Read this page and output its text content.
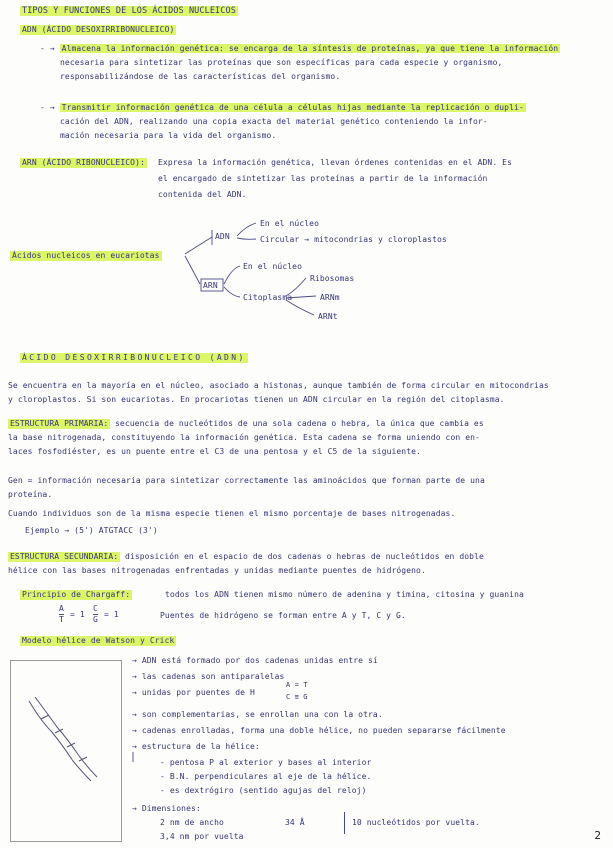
TIPOS Y FUNCIONES DE LOS ÁCIDOS NUCLEICOS
ADN (ÁCIDO DESOXIRRIBONUCLEICO)
- → Almacena la información genética: se encarga de la síntesis de proteínas, ya que tiene la información
necesaria para sintetizar las proteínas que son específicas para cada especie y organismo,
responsabilizándose de las características del organismo.
- → Transmitir información genética de una célula a células hijas mediante la replicación o dupli-
cación del ADN, realizando una copia exacta del material genético conteniendo la infor-
mación necesaria para la vida del organismo.
ARN (ÁCIDO RIBONUCLEICO): Expresa la información genética, llevan órdenes contenidas en el ADN. Es
el encargado de sintetizar las proteínas a partir de la información
contenida del ADN.
Ácidos nucleicos en eucariotas
ADN
En el núcleo
Circular → mitocondrias y cloroplastos
ARN
En el núcleo
Citoplasma
Ribosomas
ARNm
ARNt
ÁCIDO DESOXIRRIBONUCLEICO (ADN)
Se encuentra en la mayoría en el núcleo, asociado a histonas, aunque también de forma circular en mitocondrias
y cloroplastos. Si son eucariotas. En procariotas tienen un ADN circular en la región del citoplasma.
ESTRUCTURA PRIMARIA: secuencia de nucleótidos de una sola cadena o hebra, la única que cambia es
la base nitrogenada, constituyendo la información genética. Esta cadena se forma uniendo con en-
laces fosfodiéster, es un puente entre el C3 de una pentosa y el C5 de la siguiente.
Gen = información necesaria para sintetizar correctamente las aminoácidos que forman parte de una
proteína.
Cuando individuos son de la misma especie tienen el mismo porcentaje de bases nitrogenadas.
Ejemplo → (5') ATGTACC (3')
ESTRUCTURA SECUNDARIA: disposición en el espacio de dos cadenas o hebras de nucleótidos en doble
hélice con las bases nitrogenadas enfrentadas y unidas mediante puentes de hidrógeno.
Principio de Chargaff:	todos los ADN tienen mismo número de adenina y timina, citosina y guanina
A
T
= 1
C
G
= 1	Puentes de hidrógeno se forman entre A y T, C y G.
Modelo hélice de Watson y Crick
→ ADN está formado por dos cadenas unidas entre sí
→ las cadenas son antiparalelas
→ unidas por puentes de H
A = T
C ≡ G
→ son complementarias, se enrollan una con la otra.
→ cadenas enrolladas, forma una doble hélice, no pueden separarse fácilmente
→ estructura de la hélice:
- pentosa P al exterior y bases al interior
- B.N. perpendiculares al eje de la hélice.
- es dextrógiro (sentido agujas del reloj)
→ Dimensiones:
2 nm de ancho
3,4 nm por vuelta
34 Å	10 nucleótidos por vuelta.
2
